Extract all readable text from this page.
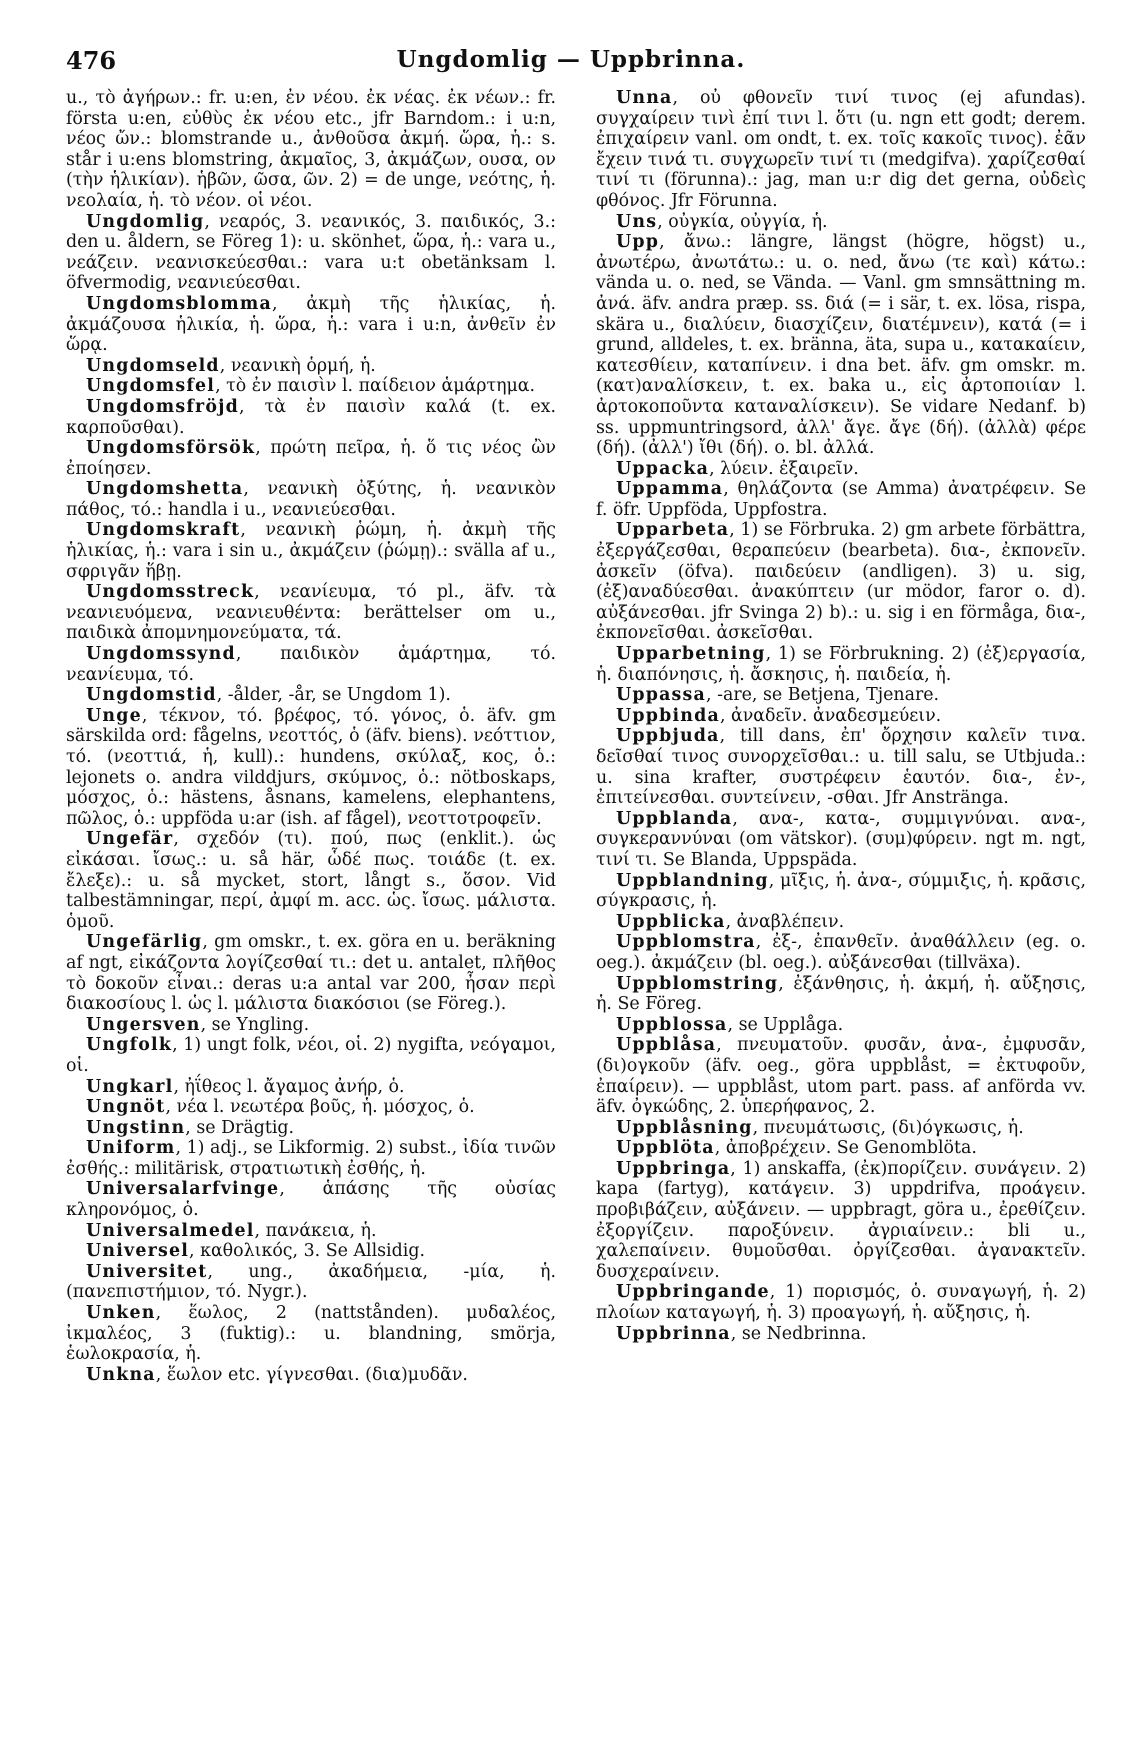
476	Ungdomlig — Uppbrinna.

u., τὸ ἀγήρων.: fr. u:en, ἐν νέου. ἐκ νέας. ἐκ νέων.: fr. första u:en, εὐθὺς ἐκ νέου etc., jfr Barndom.: i u:n, νέος ὤν.: blomstrande u., ἀνθοῦσα ἀκμή. ὥρα, ἡ.: s. står i u:ens blomstring, ἀκμαῖος, 3, ἀκμάζων, ουσα, ον (τὴν ἡλικίαν). ἡβῶν, ῶσα, ῶν. 2) = de unge, νεότης, ἡ. νεολαία, ἡ. τὸ νέον. οἱ νέοι.

Ungdomlig, νεαρός, 3. νεανικός, 3. παιδικός, 3.: den u. åldern, se Föreg 1): u. skönhet, ὥρα, ἡ.: vara u., νεάζειν. νεανισκεύεσθαι.: vara u:t obetänksam l. öfvermodig, νεανιεύεσθαι.

Ungdomsblomma, ἀκμὴ τῆς ἡλικίας, ἡ. ἀκμάζουσα ἡλικία, ἡ. ὥρα, ἡ.: vara i u:n, ἀνθεῖν ἐν ὥρᾳ.

Ungdomseld, νεανικὴ ὁρμή, ἡ.

Ungdomsfel, τὸ ἐν παισὶν l. παίδειον ἁμάρτημα.

Ungdomsfröjd, τὰ ἐν παισὶν καλά (t. ex. καρποῦσθαι).

Ungdomsförsök, πρώτη πεῖρα, ἡ. ὅ τις νέος ὢν ἐποίησεν.

Ungdomshetta, νεανικὴ ὀξύτης, ἡ. νεανικὸν πάθος, τό.: handla i u., νεανιεύεσθαι.

Ungdomskraft, νεανικὴ ῥώμη, ἡ. ἀκμὴ τῆς ἡλικίας, ἡ.: vara i sin u., ἀκμάζειν (ῥώμῃ).: svälla af u., σφριγᾶν ἥβῃ.

Ungdomsstreck, νεανίευμα, τό pl., äfv. τὰ νεανιευόμενα, νεανιευθέντα: berättelser om u., παιδικὰ ἀπομνημονεύματα, τά.

Ungdomssynd, παιδικὸν ἁμάρτημα, τό. νεανίευμα, τό.

Ungdomstid, -ålder, -år, se Ungdom 1).

Unge, τέκνον, τό. βρέφος, τό. γόνος, ὁ. äfv. gm särskilda ord: fågelns, νεοττός, ὁ (äfv. biens). νεόττιον, τό. (νεοττιά, ἡ, kull).: hundens, σκύλαξ, κος, ὁ.: lejonets o. andra vilddjurs, σκύμνος, ὁ.: nötboskaps, μόσχος, ὁ.: hästens, åsnans, kamelens, elephantens, πῶλος, ὁ.: uppföda u:ar (ish. af fågel), νεοττοτροφεῖν.

Ungefär, σχεδόν (τι). πού, πως (enklit.). ὡς εἰκάσαι. ἴσως.: u. så här, ὧδέ πως. τοιάδε (t. ex. ἔλεξε).: u. så mycket, stort, långt s., ὅσον. Vid talbestämningar, περί, ἀμφί m. acc. ὡς. ἴσως. μάλιστα. ὁμοῦ.

Ungefärlig, gm omskr., t. ex. göra en u. beräkning af ngt, εἰκάζοντα λογίζεσθαί τι.: det u. antalet, πλῆθος τὸ δοκοῦν εἶναι.: deras u:a antal var 200, ἦσαν περὶ διακοσίους l. ὡς l. μάλιστα διακόσιοι (se Föreg.).

Ungersven, se Yngling.

Ungfolk, 1) ungt folk, νέοι, οἱ. 2) nygifta, νεόγαμοι, οἱ.

Ungkarl, ἠΐθεος l. ἄγαμος ἀνήρ, ὁ.

Ungnöt, νέα l. νεωτέρα βοῦς, ἡ. μόσχος, ὁ.

Ungstinn, se Drägtig.

Uniform, 1) adj., se Likformig. 2) subst., ἰδία τινῶν ἐσθής.: militärisk, στρατιωτικὴ ἐσθής, ἡ.

Universalarfvinge, ἁπάσης τῆς οὐσίας κληρονόμος, ὁ.

Universalmedel, πανάκεια, ἡ.

Universel, καθολικός, 3. Se Allsidig.

Universitet, ung., ἀκαδήμεια, -μία, ἡ. (πανεπιστήμιον, τό. Nygr.).

Unken, ἕωλος, 2 (nattstånden). μυδαλέος, ἰκμαλέος, 3 (fuktig).: u. blandning, smörja, ἑωλοκρασία, ἡ.

Unkna, ἕωλον etc. γίγνεσθαι. (δια)μυδᾶν.

Unna, οὐ φθονεῖν τινί τινος (ej afundas). συγχαίρειν τινὶ ἐπί τινι l. ὅτι (u. ngn ett godt; derem. ἐπιχαίρειν vanl. om ondt, t. ex. τοῖς κακοῖς τινος). ἐᾶν ἔχειν τινά τι. συγχωρεῖν τινί τι (medgifva). χαρίζεσθαί τινί τι (förunna).: jag, man u:r dig det gerna, οὐδεὶς φθόνος. Jfr Förunna.

Uns, οὐγκία, οὐγγία, ἡ.

Upp, ἄνω.: längre, längst (högre, högst) u., ἀνωτέρω, ἀνωτάτω.: u. o. ned, ἄνω (τε καὶ) κάτω.: vända u. o. ned, se Vända. — Vanl. gm smnsättning m. ἀνά. äfv. andra præp. ss. διά (= i sär, t. ex. lösa, rispa, skära u., διαλύειν, διασχίζειν, διατέμνειν), κατά (= i grund, alldeles, t. ex. bränna, äta, supa u., κατακαίειν, κατεσθίειν, καταπίνειν. i dna bet. äfv. gm omskr. m. (κατ)αναλίσκειν, t. ex. baka u., εἰς ἀρτοποιίαν l. ἀρτοκοποῦντα καταναλίσκειν). Se vidare Nedanf. b) ss. uppmuntringsord, ἀλλ' ἄγε. ἄγε (δή). (ἀλλὰ) φέρε (δή). (ἀλλ') ἴθι (δή). o. bl. ἀλλά.

Uppacka, λύειν. ἐξαιρεῖν.

Uppamma, θηλάζοντα (se Amma) ἀνατρέφειν. Se f. öfr. Uppföda, Uppfostra.

Upparbeta, 1) se Förbruka. 2) gm arbete förbättra, ἐξεργάζεσθαι, θεραπεύειν (bearbeta). δια-, ἐκπονεῖν. ἀσκεῖν (öfva). παιδεύειν (andligen). 3) u. sig, (ἐξ)αναδύεσθαι. ἀνακύπτειν (ur mödor, faror o. d). αὐξάνεσθαι. jfr Svinga 2) b).: u. sig i en förmåga, δια-, ἐκπονεῖσθαι. ἀσκεῖσθαι.

Upparbetning, 1) se Förbrukning. 2) (ἐξ)εργασία, ἡ. διαπόνησις, ἡ. ἄσκησις, ἡ. παιδεία, ἡ.

Uppassa, -are, se Betjena, Tjenare.

Uppbinda, ἀναδεῖν. ἀναδεσμεύειν.

Uppbjuda, till dans, ἐπ' ὄρχησιν καλεῖν τινα. δεῖσθαί τινος συνορχεῖσθαι.: u. till salu, se Utbjuda.: u. sina krafter, συστρέφειν ἑαυτόν. δια-, ἐν-, ἐπιτείνεσθαι. συντείνειν, -σθαι. Jfr Anstränga.

Uppblanda, ανα-, κατα-, συμμιγνύναι. ανα-, συγκεραννύναι (om vätskor). (συμ)φύρειν. ngt m. ngt, τινί τι. Se Blanda, Uppspäda.

Uppblandning, μῖξις, ἡ. ἀνα-, σύμμιξις, ἡ. κρᾶσις, σύγκρασις, ἡ.

Uppblicka, ἀναβλέπειν.

Uppblomstra, ἐξ-, ἐπανθεῖν. ἀναθάλλειν (eg. o. oeg.). ἀκμάζειν (bl. oeg.). αὐξάνεσθαι (tillväxa).

Uppblomstring, ἐξάνθησις, ἡ. ἀκμή, ἡ. αὔξησις, ἡ. Se Föreg.

Uppblossa, se Upplåga.

Uppblåsa, πνευματοῦν. φυσᾶν, ἀνα-, ἐμφυσᾶν, (δι)ογκοῦν (äfv. oeg., göra uppblåst, = ἐκτυφοῦν, ἐπαίρειν). — uppblåst, utom part. pass. af anförda vv. äfv. ὀγκώδης, 2. ὑπερήφανος, 2.

Uppblåsning, πνευμάτωσις, (δι)όγκωσις, ἡ.

Uppblöta, ἀποβρέχειν. Se Genomblöta.

Uppbringa, 1) anskaffa, (ἐκ)πορίζειν. συνάγειν. 2) kapa (fartyg), κατάγειν. 3) uppdrifva, προάγειν. προβιβάζειν, αὐξάνειν. — uppbragt, göra u., ἐρεθίζειν. ἐξοργίζειν. παροξύνειν. ἀγριαίνειν.: bli u., χαλεπαίνειν. θυμοῦσθαι. ὀργίζεσθαι. ἀγανακτεῖν. δυσχεραίνειν.

Uppbringande, 1) πορισμός, ὁ. συναγωγή, ἡ. 2) πλοίων καταγωγή, ἡ. 3) προαγωγή, ἡ. αὔξησις, ἡ.

Uppbrinna, se Nedbrinna.
